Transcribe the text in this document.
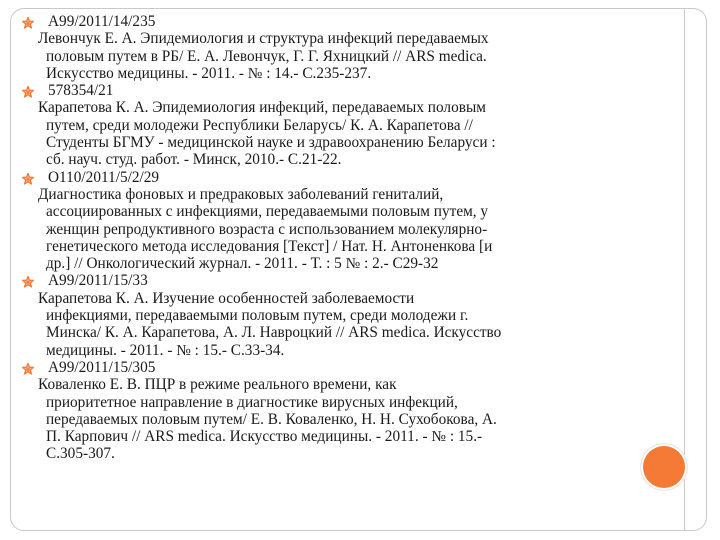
A99/2011/14/235
Левончук Е. А. Эпидемиология и структура инфекций передаваемых
половым путем в РБ/ Е. А. Левончук, Г. Г. Яхницкий // ARS medica.
Искусство медицины. - 2011. - № : 14.- С.235-237.
578354/21
Карапетова К. А. Эпидемиология инфекций, передаваемых половым
путем, среди молодежи Республики Беларусь/ К. А. Карапетова //
Студенты БГМУ - медицинской науке и здравоохранению Беларуси :
сб. науч. студ. работ. - Минск, 2010.- С.21-22.
О110/2011/5/2/29
Диагностика фоновых и предраковых заболеваний гениталий,
ассоциированных с инфекциями, передаваемыми половым путем, у
женщин репродуктивного возраста с использованием молекулярно-
генетического метода исследования [Текст] / Нат. Н. Антоненкова [и
др.] // Онкологический журнал. - 2011. - Т. : 5 № : 2.- С29-32
A99/2011/15/33
Карапетова К. А. Изучение особенностей заболеваемости
инфекциями, передаваемыми половым путем, среди молодежи г.
Минска/ К. А. Карапетова, А. Л. Навроцкий // ARS medica. Искусство
медицины. - 2011. - № : 15.- С.33-34.
A99/2011/15/305
Коваленко Е. В. ПЦР в режиме реального времени, как
приоритетное направление в диагностике вирусных инфекций,
передаваемых половым путем/ Е. В. Коваленко, Н. Н. Сухобокова, А.
П. Карпович // ARS medica. Искусство медицины. - 2011. - № : 15.-
С.305-307.
